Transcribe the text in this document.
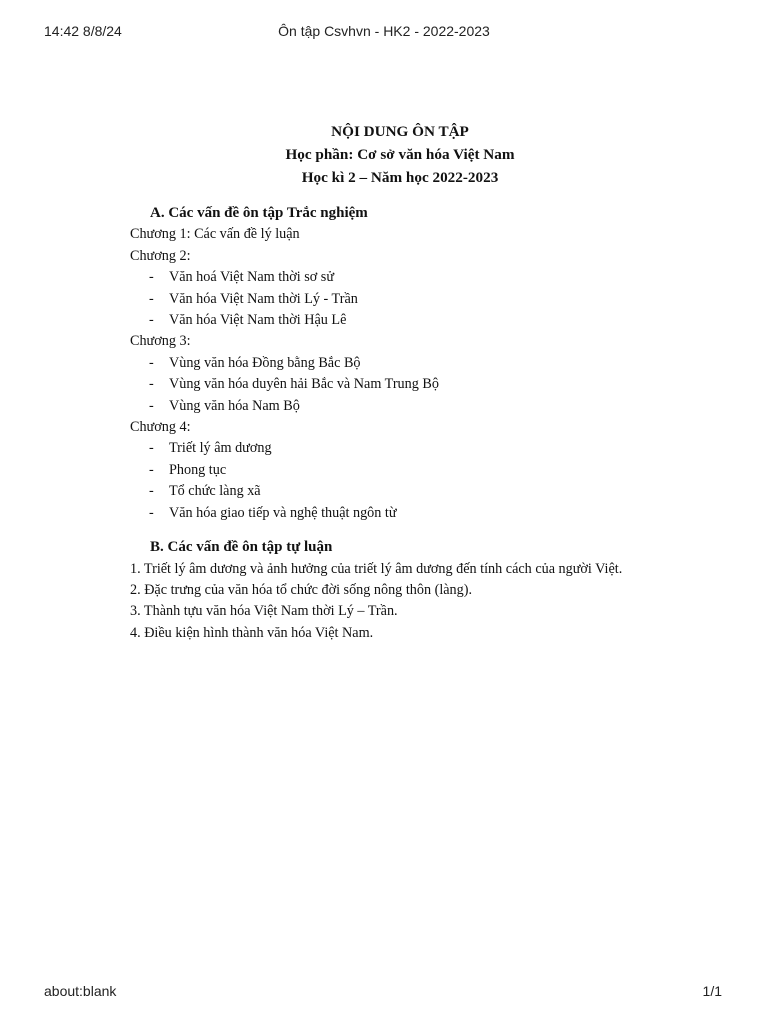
14:42 8/8/24	Ôn tập Csvhvn - HK2 - 2022-2023
NỘI DUNG ÔN TẬP
Học phần: Cơ sở văn hóa Việt Nam
Học kì 2 – Năm học 2022-2023
A. Các vấn đề ôn tập Trắc nghiệm
Chương 1: Các vấn đề lý luận
Chương 2:
- Văn hoá Việt Nam thời sơ sử
- Văn hóa Việt Nam thời Lý - Trần
- Văn hóa Việt Nam thời Hậu Lê
Chương 3:
- Vùng văn hóa Đồng bằng Bắc Bộ
- Vùng văn hóa duyên hải Bắc và Nam Trung Bộ
- Vùng văn hóa Nam Bộ
Chương 4:
- Triết lý âm dương
- Phong tục
- Tổ chức làng xã
- Văn hóa giao tiếp và nghệ thuật ngôn từ
B. Các vấn đề ôn tập tự luận
1. Triết lý âm dương và ảnh hưởng của triết lý âm dương đến tính cách của người Việt.
2. Đặc trưng của văn hóa tổ chức đời sống nông thôn (làng).
3. Thành tựu văn hóa Việt Nam thời Lý – Trần.
4. Điều kiện hình thành văn hóa Việt Nam.
about:blank	1/1
